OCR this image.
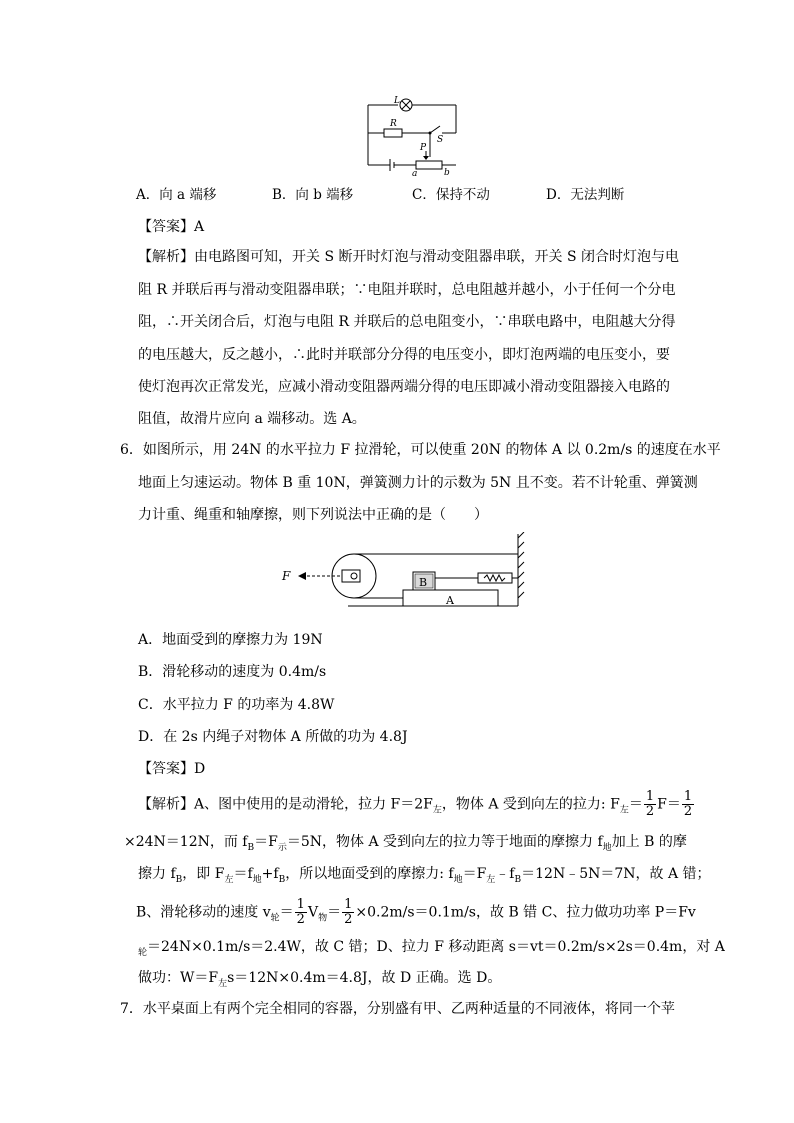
L
R
S
P
a	b
A．向 a 端移	B．向 b 端移	C．保持不动	D．无法判断
【答案】A
【解析】由电路图可知，开关 S 断开时灯泡与滑动变阻器串联，开关 S 闭合时灯泡与电
阻 R 并联后再与滑动变阻器串联；∵电阻并联时，总电阻越并越小，小于任何一个分电
阻，∴开关闭合后，灯泡与电阻 R 并联后的总电阻变小，∵串联电路中，电阻越大分得
的电压越大，反之越小，∴此时并联部分分得的电压变小，即灯泡两端的电压变小，要
使灯泡再次正常发光，应减小滑动变阻器两端分得的电压即减小滑动变阻器接入电路的
阻值，故滑片应向 a 端移动。选 A。
6．如图所示，用 24N 的水平拉力 F 拉滑轮，可以使重 20N 的物体 A 以 0.2m/s 的速度在水平
地面上匀速运动。物体 B 重 10N，弹簧测力计的示数为 5N 且不变。若不计轮重、弹簧测
力计重、绳重和轴摩擦，则下列说法中正确的是（　　）
F	B
A
A．地面受到的摩擦力为 19N
B．滑轮移动的速度为 0.4m/s
C．水平拉力 F 的功率为 4.8W
D．在 2s 内绳子对物体 A 所做的功为 4.8J
【答案】D
【解析】A、图中使用的是动滑轮，拉力 $F=2F_左$，物体 A 受到向左的拉力: $F_左= \frac{1}{2} F= \frac{1}{2}$
×24N＝12N，而 $f_B=F_示=5N$，物体 A 受到向左的拉力等于地面的摩擦力 $f_地$加上 B 的摩
擦力 $f_B$，即 $F_左=f_地+f_B$，所以地面受到的摩擦力: $f_地=F_左﹣f_B=12N﹣5N=7N$，故 A 错；
B、滑轮移动的速度 $v_轮= \frac{1}{2} V_物= \frac{1}{2} \times 0.2m/s=0.1m/s$，故 B 错 C、拉力做功功率 P＝Fv
$_轮$＝24N×0.1m/s＝2.4W，故 C 错；D、拉力 F 移动距离 s＝vt＝0.2m/s×2s＝0.4m，对 A
做功：$W=F_左s=12N\times 0.4m=4.8J$，故 D 正确。选 D。
7．水平桌面上有两个完全相同的容器，分别盛有甲、乙两种适量的不同液体，将同一个苹
